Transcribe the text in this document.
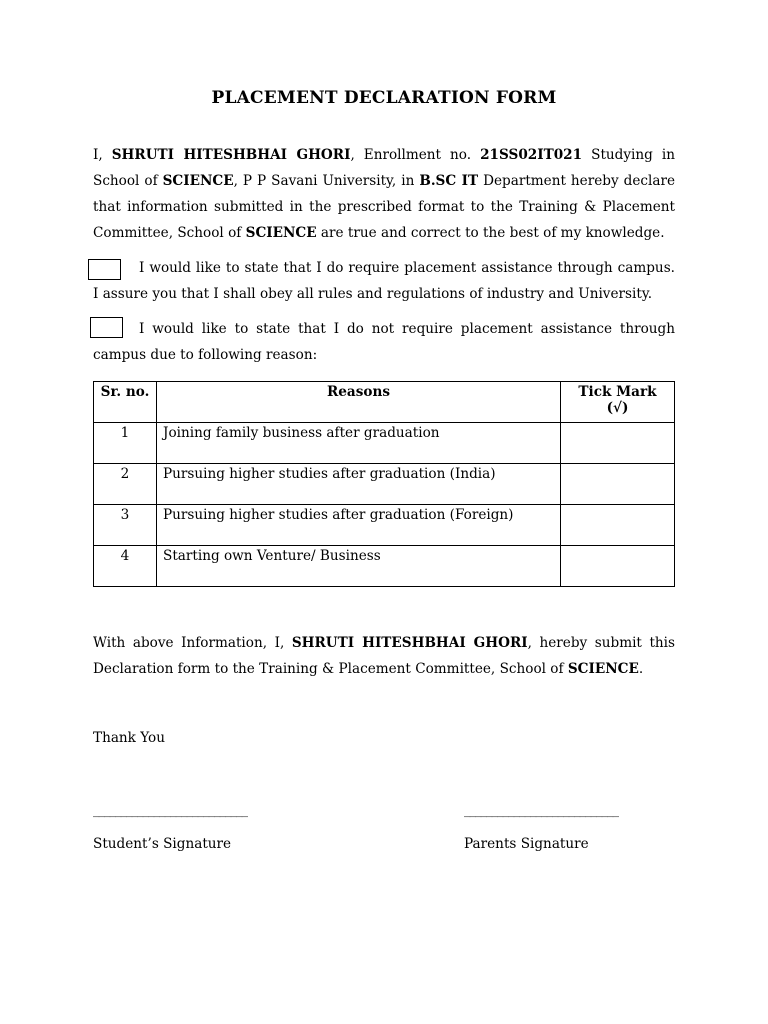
PLACEMENT DECLARATION FORM
I, SHRUTI HITESHBHAI GHORI, Enrollment no. 21SS02IT021 Studying in School of SCIENCE, P P Savani University, in B.SC IT Department hereby declare that information submitted in the prescribed format to the Training & Placement Committee, School of SCIENCE are true and correct to the best of my knowledge.
I would like to state that I do require placement assistance through campus. I assure you that I shall obey all rules and regulations of industry and University.
I would like to state that I do not require placement assistance through campus due to following reason:
Sr. no.	Reasons	Tick Mark (√)
1	Joining family business after graduation	
2	Pursuing higher studies after graduation (India)	
3	Pursuing higher studies after graduation (Foreign)	
4	Starting own Venture/ Business	
With above Information, I, SHRUTI HITESHBHAI GHORI, hereby submit this Declaration form to the Training & Placement Committee, School of SCIENCE.
Thank You
____________________________	____________________________
Student’s Signature	Parents Signature
